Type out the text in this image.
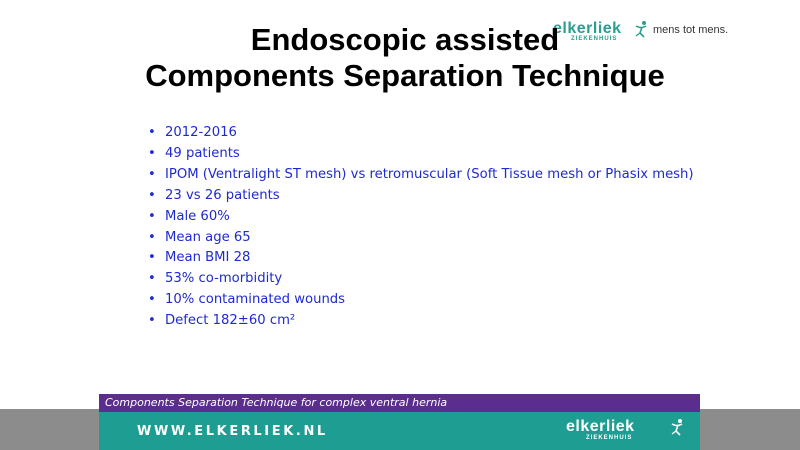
elkerliek
ZIEKENHUIS
mens tot mens.
Endoscopic assisted
Components Separation Technique
• 2012-2016
• 49 patients
• IPOM (Ventralight ST mesh) vs retromuscular (Soft Tissue mesh or Phasix mesh)
• 23 vs 26 patients
• Male 60%
• Mean age 65
• Mean BMI 28
• 53% co-morbidity
• 10% contaminated wounds
• Defect 182±60 cm²
Components Separation Technique for complex ventral hernia
WWW.ELKERLIEK.NL	elkerliek
ZIEKENHUIS
